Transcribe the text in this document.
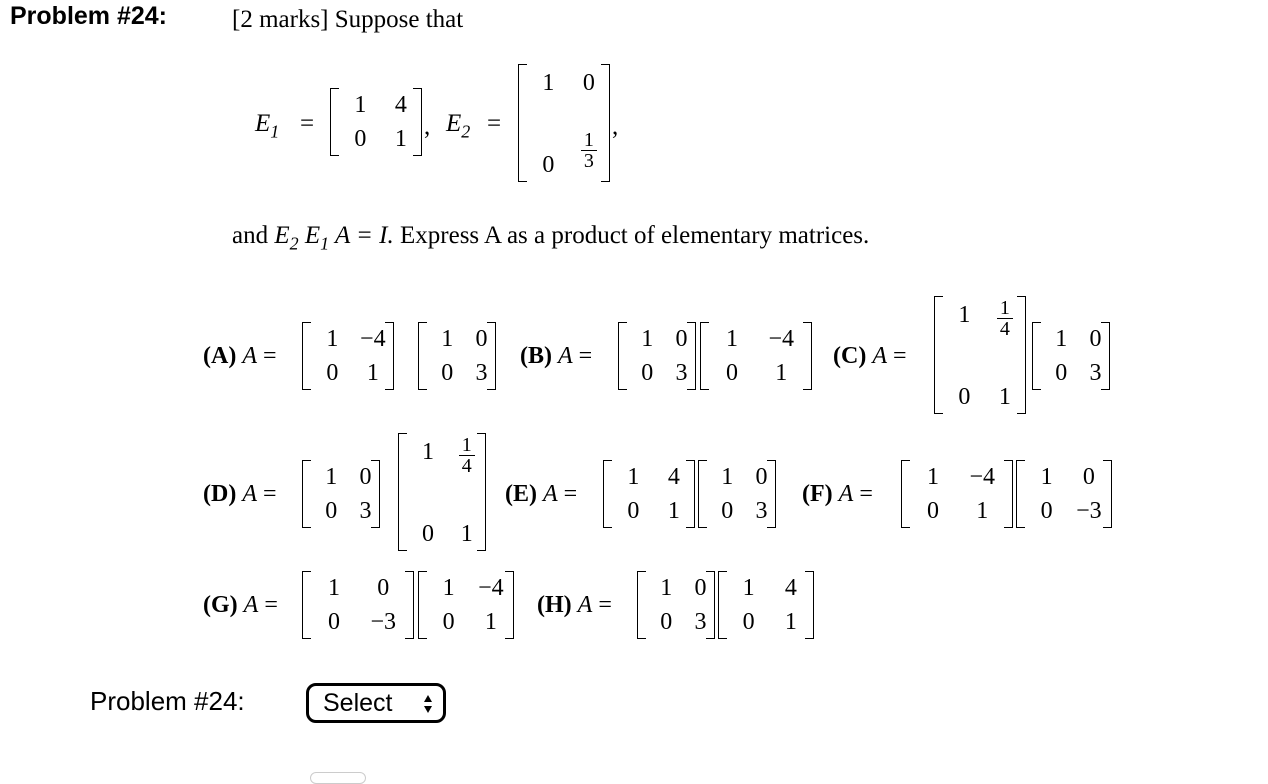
Problem #24:	[2 marks] Suppose that
$E_1$ =
1	4
0	1 , $E_2$ =
1	0
0	$\frac{1}{3}$
,
and $E_2$ $E_1$ A = I. Express A as a product of elementary matrices.
(A) A =
1 −4
0	1
1 0
0 3
(B) A =
1 0
0 3
1	−4
0	1
(C) A =
1	$\frac{1}{4}$
0	1
1 0
0 3
(D) A =
1 0
0 3
1	$\frac{1}{4}$
0	1
(E) A =
1	4
0	1
1 0
0 3
(F) A =
1	−4
0	1
1	0
0 −3
(G) A =
1	0
0	−3
1 −4
0	1
(H) A =
1 0
0 3
1	4
0	1
Problem #24:	Select
